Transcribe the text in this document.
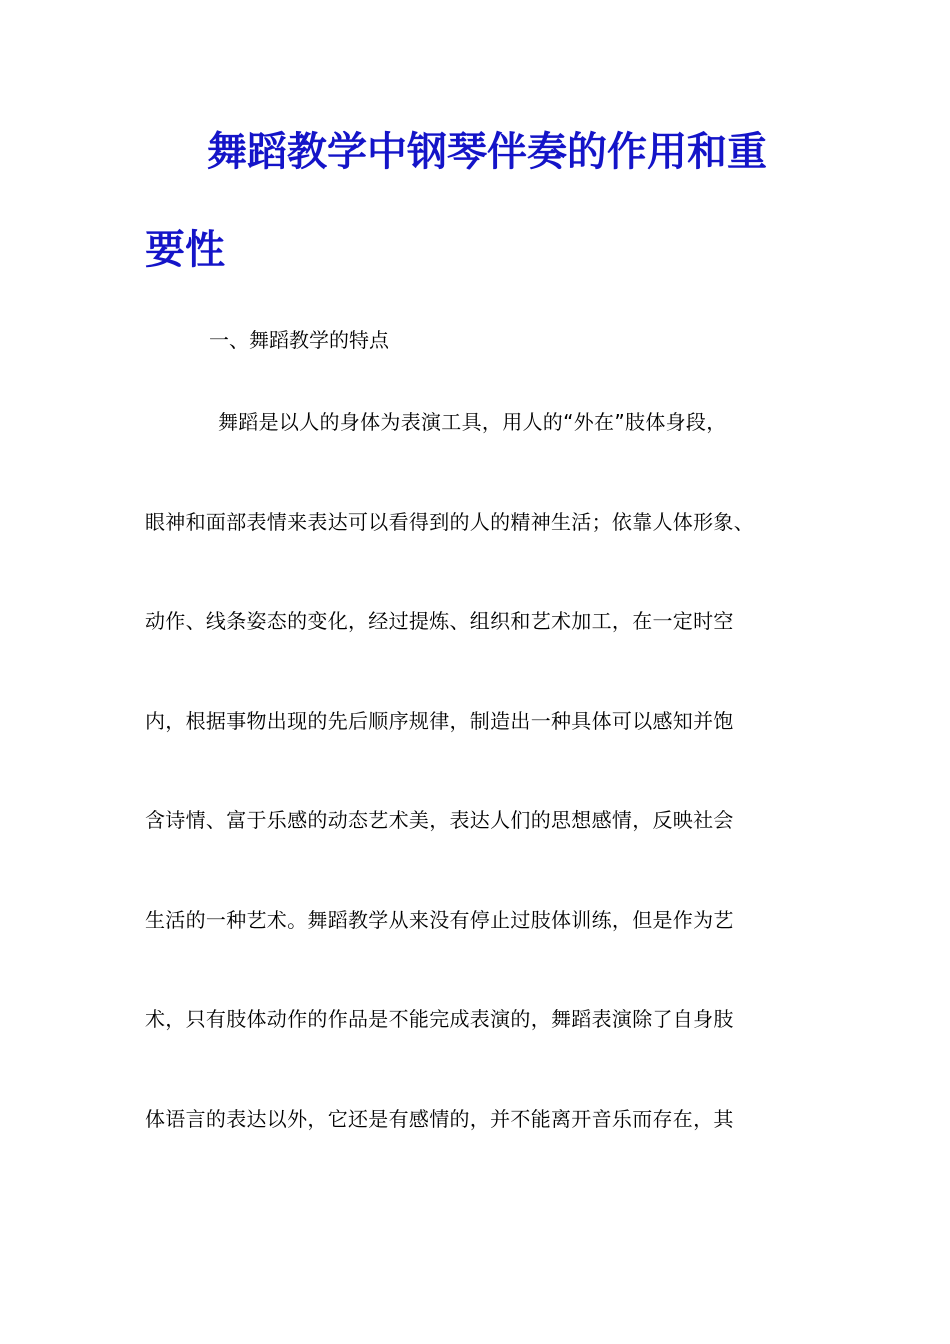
舞蹈教学中钢琴伴奏的作用和重
要性
一、舞蹈教学的特点
舞蹈是以人的身体为表演工具，用人的“外在”肢体身段，
眼神和面部表情来表达可以看得到的人的精神生活；依靠人体形象、
动作、线条姿态的变化，经过提炼、组织和艺术加工，在一定时空
内，根据事物出现的先后顺序规律，制造出一种具体可以感知并饱
含诗情、富于乐感的动态艺术美，表达人们的思想感情，反映社会
生活的一种艺术。舞蹈教学从来没有停止过肢体训练，但是作为艺
术，只有肢体动作的作品是不能完成表演的，舞蹈表演除了自身肢
体语言的表达以外，它还是有感情的，并不能离开音乐而存在，其
